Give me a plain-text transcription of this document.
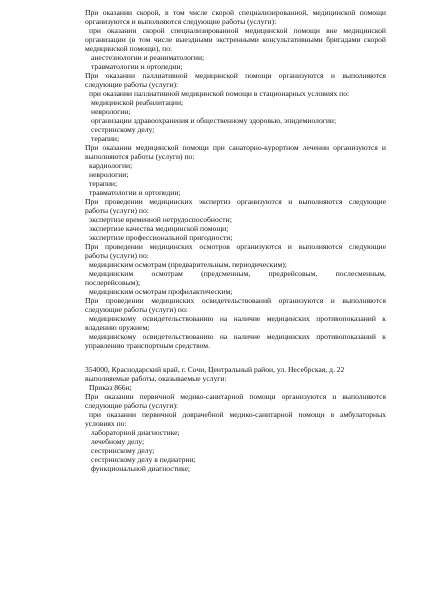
При оказании скорой, в том числе скорой специализированной, медицинской помощи
организуются и выполняются следующие работы (услуги):
при оказании скорой специализированной медицинской помощи вне медицинской
организации (в том числе выездными экстренными консультативными бригадами скорой
медицинской помощи), по:
анестезиологии и реаниматологии;
травматологии и ортопедии;
При оказании паллиативной медицинской помощи организуются и выполняются
следующие работы (услуги):
при оказании паллиативной медицинской помощи в стационарных условиях по:
медицинской реабилитации;
неврологии;
организации здравоохранения и общественному здоровью, эпидемиологии;
сестринскому делу;
терапии;
При оказании медицинской помощи при санаторно-курортном лечении организуются и
выполняются работы (услуги) по:
кардиологии;
неврологии;
терапии;
травматологии и ортопедии;
При проведении медицинских экспертиз организуются и выполняются следующие
работы (услуги) по:
экспертизе временной нетрудоспособности;
экспертизе качества медицинской помощи;
экспертизе профессиональной пригодности;
При проведении медицинских осмотров организуются и выполняются следующие
работы (услуги) по:
медицинским осмотрам (предварительным, периодическим);
медицинским осмотрам (предсменным, предрейсовым, послесменным,
послерейсовым);
медицинским осмотрам профилактическим;
При проведении медицинских освидетельствований организуются и выполняются
следующие работы (услуги) по:
медицинскому освидетельствованию на наличие медицинских противопоказаний к
владению оружием;
медицинскому освидетельствованию на наличие медицинских противопоказаний к
управлению транспортным средством.
354000, Краснодарский край, г. Сочи, Центральный район, ул. Несебрская, д. 22
выполняемые работы, оказываемые услуги:
Приказ 866н;
При оказании первичной медико-санитарной помощи организуются и выполняются
следующие работы (услуги):
при оказании первичной доврачебной медико-санитарной помощи в амбулаторных
условиях по:
лабораторной диагностике;
лечебному делу;
сестринскому делу;
сестринскому делу в педиатрии;
функциональной диагностике;
